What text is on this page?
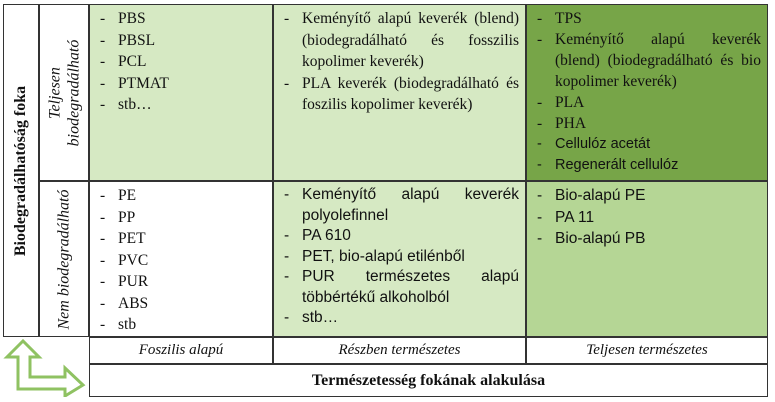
Biodegradálhatóság foka Teljesen biodegradálható
Nem biodegradálható
- PBS
- PBSL
- PCL
- PTMAT
- stb…
- Keményítő alapú keverék (blend) (biodegradálható és fosszilis kopolimer keverék)
- PLA keverék (biodegradálható és foszilis kopolimer keverék)
- TPS
- Keményítő alapú keverék (blend) (biodegradálható és bio kopolimer keverék)
- PLA
- PHA
- Cellulóz acetát
- Regenerált cellulóz
- PE
- PP
- PET
- PVC
- PUR
- ABS
- stb
- Keményítő alapú keverék polyolefinnel
- PA 610
- PET, bio-alapú etilénből
- PUR természetes alapú többértékű alkoholból
- stb…
- Bio-alapú PE
- PA 11
- Bio-alapú PB
Foszilis alapú	Részben természetes	Teljesen természetes
Természetesség fokának alakulása
